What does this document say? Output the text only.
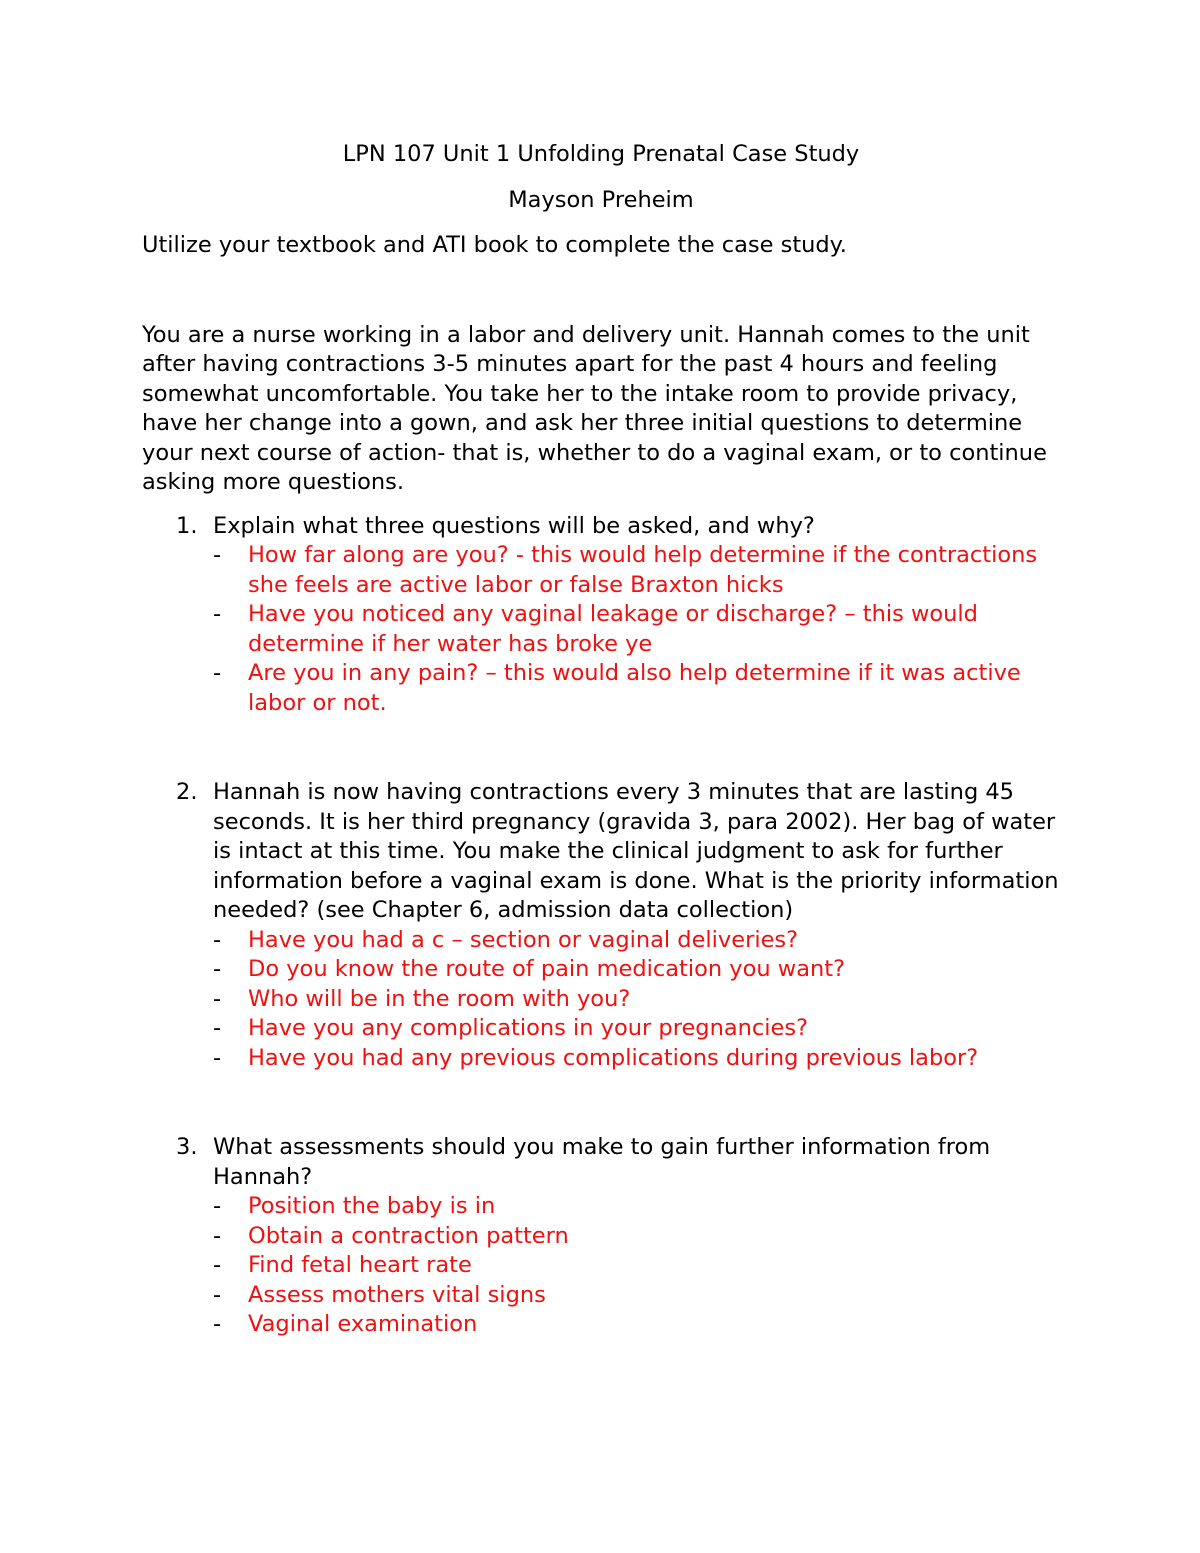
LPN 107 Unit 1 Unfolding Prenatal Case Study

Mayson Preheim

Utilize your textbook and ATI book to complete the case study.

You are a nurse working in a labor and delivery unit. Hannah comes to the unit after having contractions 3-5 minutes apart for the past 4 hours and feeling somewhat uncomfortable. You take her to the intake room to provide privacy, have her change into a gown, and ask her three initial questions to determine your next course of action- that is, whether to do a vaginal exam, or to continue asking more questions.

1. Explain what three questions will be asked, and why?
- How far along are you? - this would help determine if the contractions she feels are active labor or false Braxton hicks
- Have you noticed any vaginal leakage or discharge? – this would determine if her water has broke ye
- Are you in any pain? – this would also help determine if it was active labor or not.
2. Hannah is now having contractions every 3 minutes that are lasting 45 seconds. It is her third pregnancy (gravida 3, para 2002). Her bag of water is intact at this time. You make the clinical judgment to ask for further information before a vaginal exam is done. What is the priority information needed? (see Chapter 6, admission data collection)
- Have you had a c – section or vaginal deliveries?
- Do you know the route of pain medication you want?
- Who will be in the room with you?
- Have you any complications in your pregnancies?
- Have you had any previous complications during previous labor?
3. What assessments should you make to gain further information from Hannah?
- Position the baby is in
- Obtain a contraction pattern
- Find fetal heart rate
- Assess mothers vital signs
- Vaginal examination
